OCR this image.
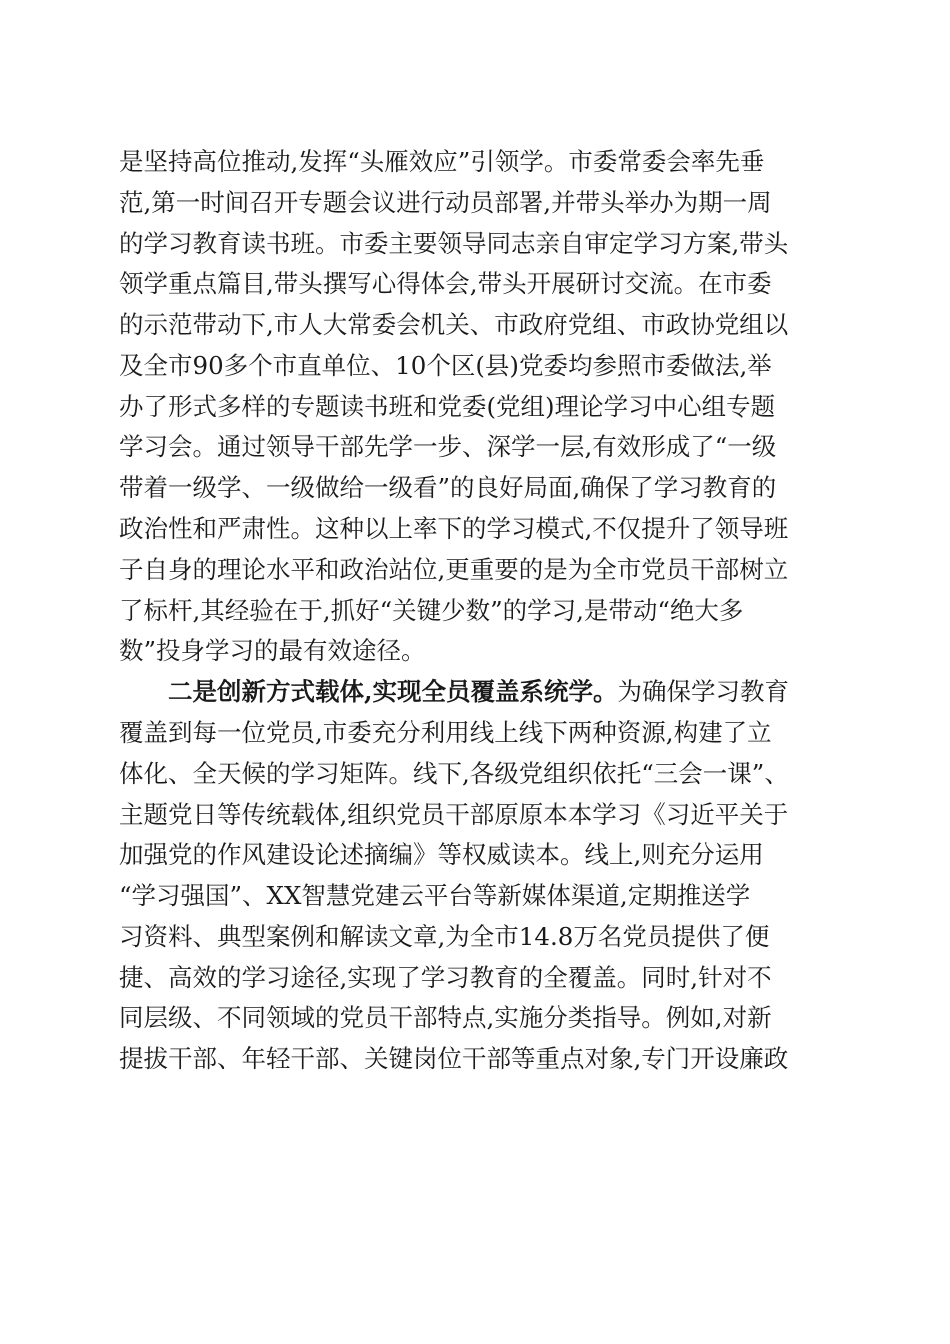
是坚持高位推动,发挥“头雁效应”引领学。市委常委会率先垂
范,第一时间召开专题会议进行动员部署,并带头举办为期一周
的学习教育读书班。市委主要领导同志亲自审定学习方案,带头
领学重点篇目,带头撰写心得体会,带头开展研讨交流。在市委
的示范带动下,市人大常委会机关、市政府党组、市政协党组以
及全市90多个市直单位、10个区(县)党委均参照市委做法,举
办了形式多样的专题读书班和党委(党组)理论学习中心组专题
学习会。通过领导干部先学一步、深学一层,有效形成了“一级
带着一级学、一级做给一级看”的良好局面,确保了学习教育的
政治性和严肃性。这种以上率下的学习模式,不仅提升了领导班
子自身的理论水平和政治站位,更重要的是为全市党员干部树立
了标杆,其经验在于,抓好“关键少数”的学习,是带动“绝大多
数”投身学习的最有效途径。
二是创新方式载体,实现全员覆盖系统学。为确保学习教育
覆盖到每一位党员,市委充分利用线上线下两种资源,构建了立
体化、全天候的学习矩阵。线下,各级党组织依托“三会一课”、
主题党日等传统载体,组织党员干部原原本本学习《习近平关于
加强党的作风建设论述摘编》等权威读本。线上,则充分运用
“学习强国”、XX智慧党建云平台等新媒体渠道,定期推送学
习资料、典型案例和解读文章,为全市14.8万名党员提供了便
捷、高效的学习途径,实现了学习教育的全覆盖。同时,针对不
同层级、不同领域的党员干部特点,实施分类指导。例如,对新
提拔干部、年轻干部、关键岗位干部等重点对象,专门开设廉政
